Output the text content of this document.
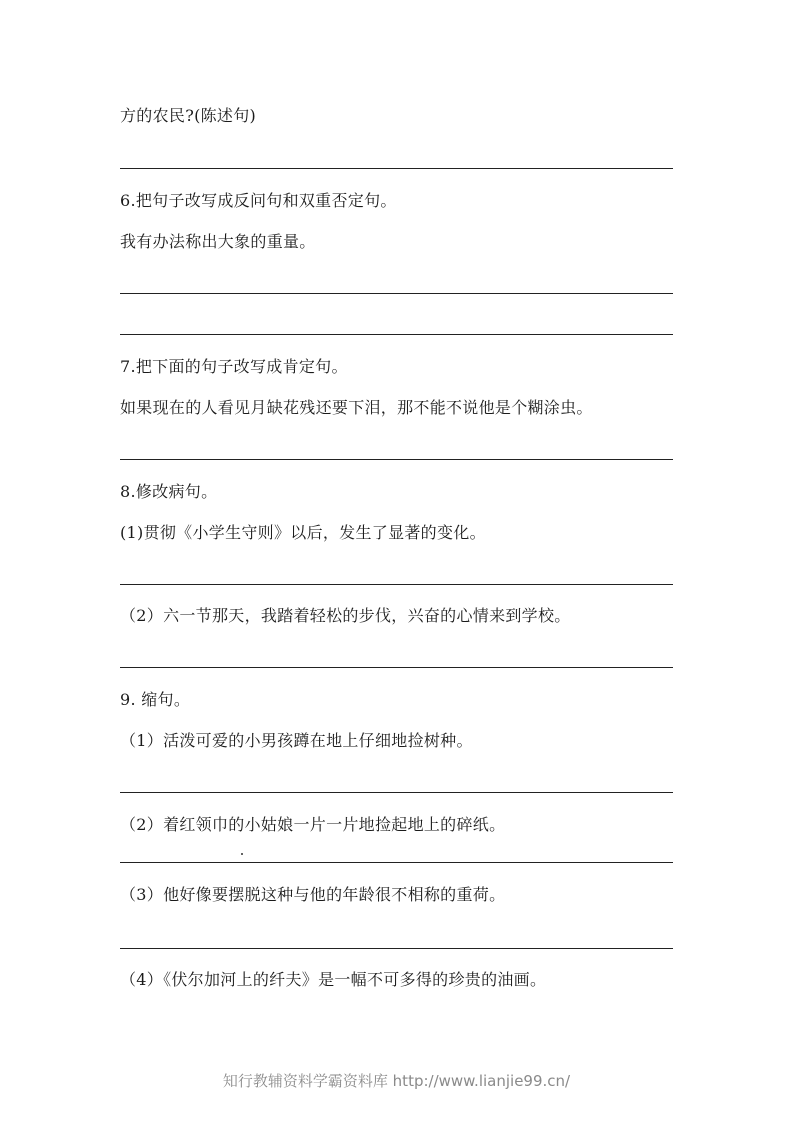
方的农民?(陈述句)
6.把句子改写成反问句和双重否定句。
我有办法称出大象的重量。
7.把下面的句子改写成肯定句。
如果现在的人看见月缺花残还要下泪，那不能不说他是个糊涂虫。
8.修改病句。
(1)贯彻《小学生守则》以后，发生了显著的变化。
（2）六一节那天，我踏着轻松的步伐，兴奋的心情来到学校。
9. 缩句。
（1）活泼可爱的小男孩蹲在地上仔细地捡树种。
（2）着红领巾的小姑娘一片一片地捡起地上的碎纸。
（3）他好像要摆脱这种与他的年龄很不相称的重荷。
（4）《伏尔加河上的纤夫》是一幅不可多得的珍贵的油画。
知行教辅资料学霸资料库 http://www.lianjie99.cn/
